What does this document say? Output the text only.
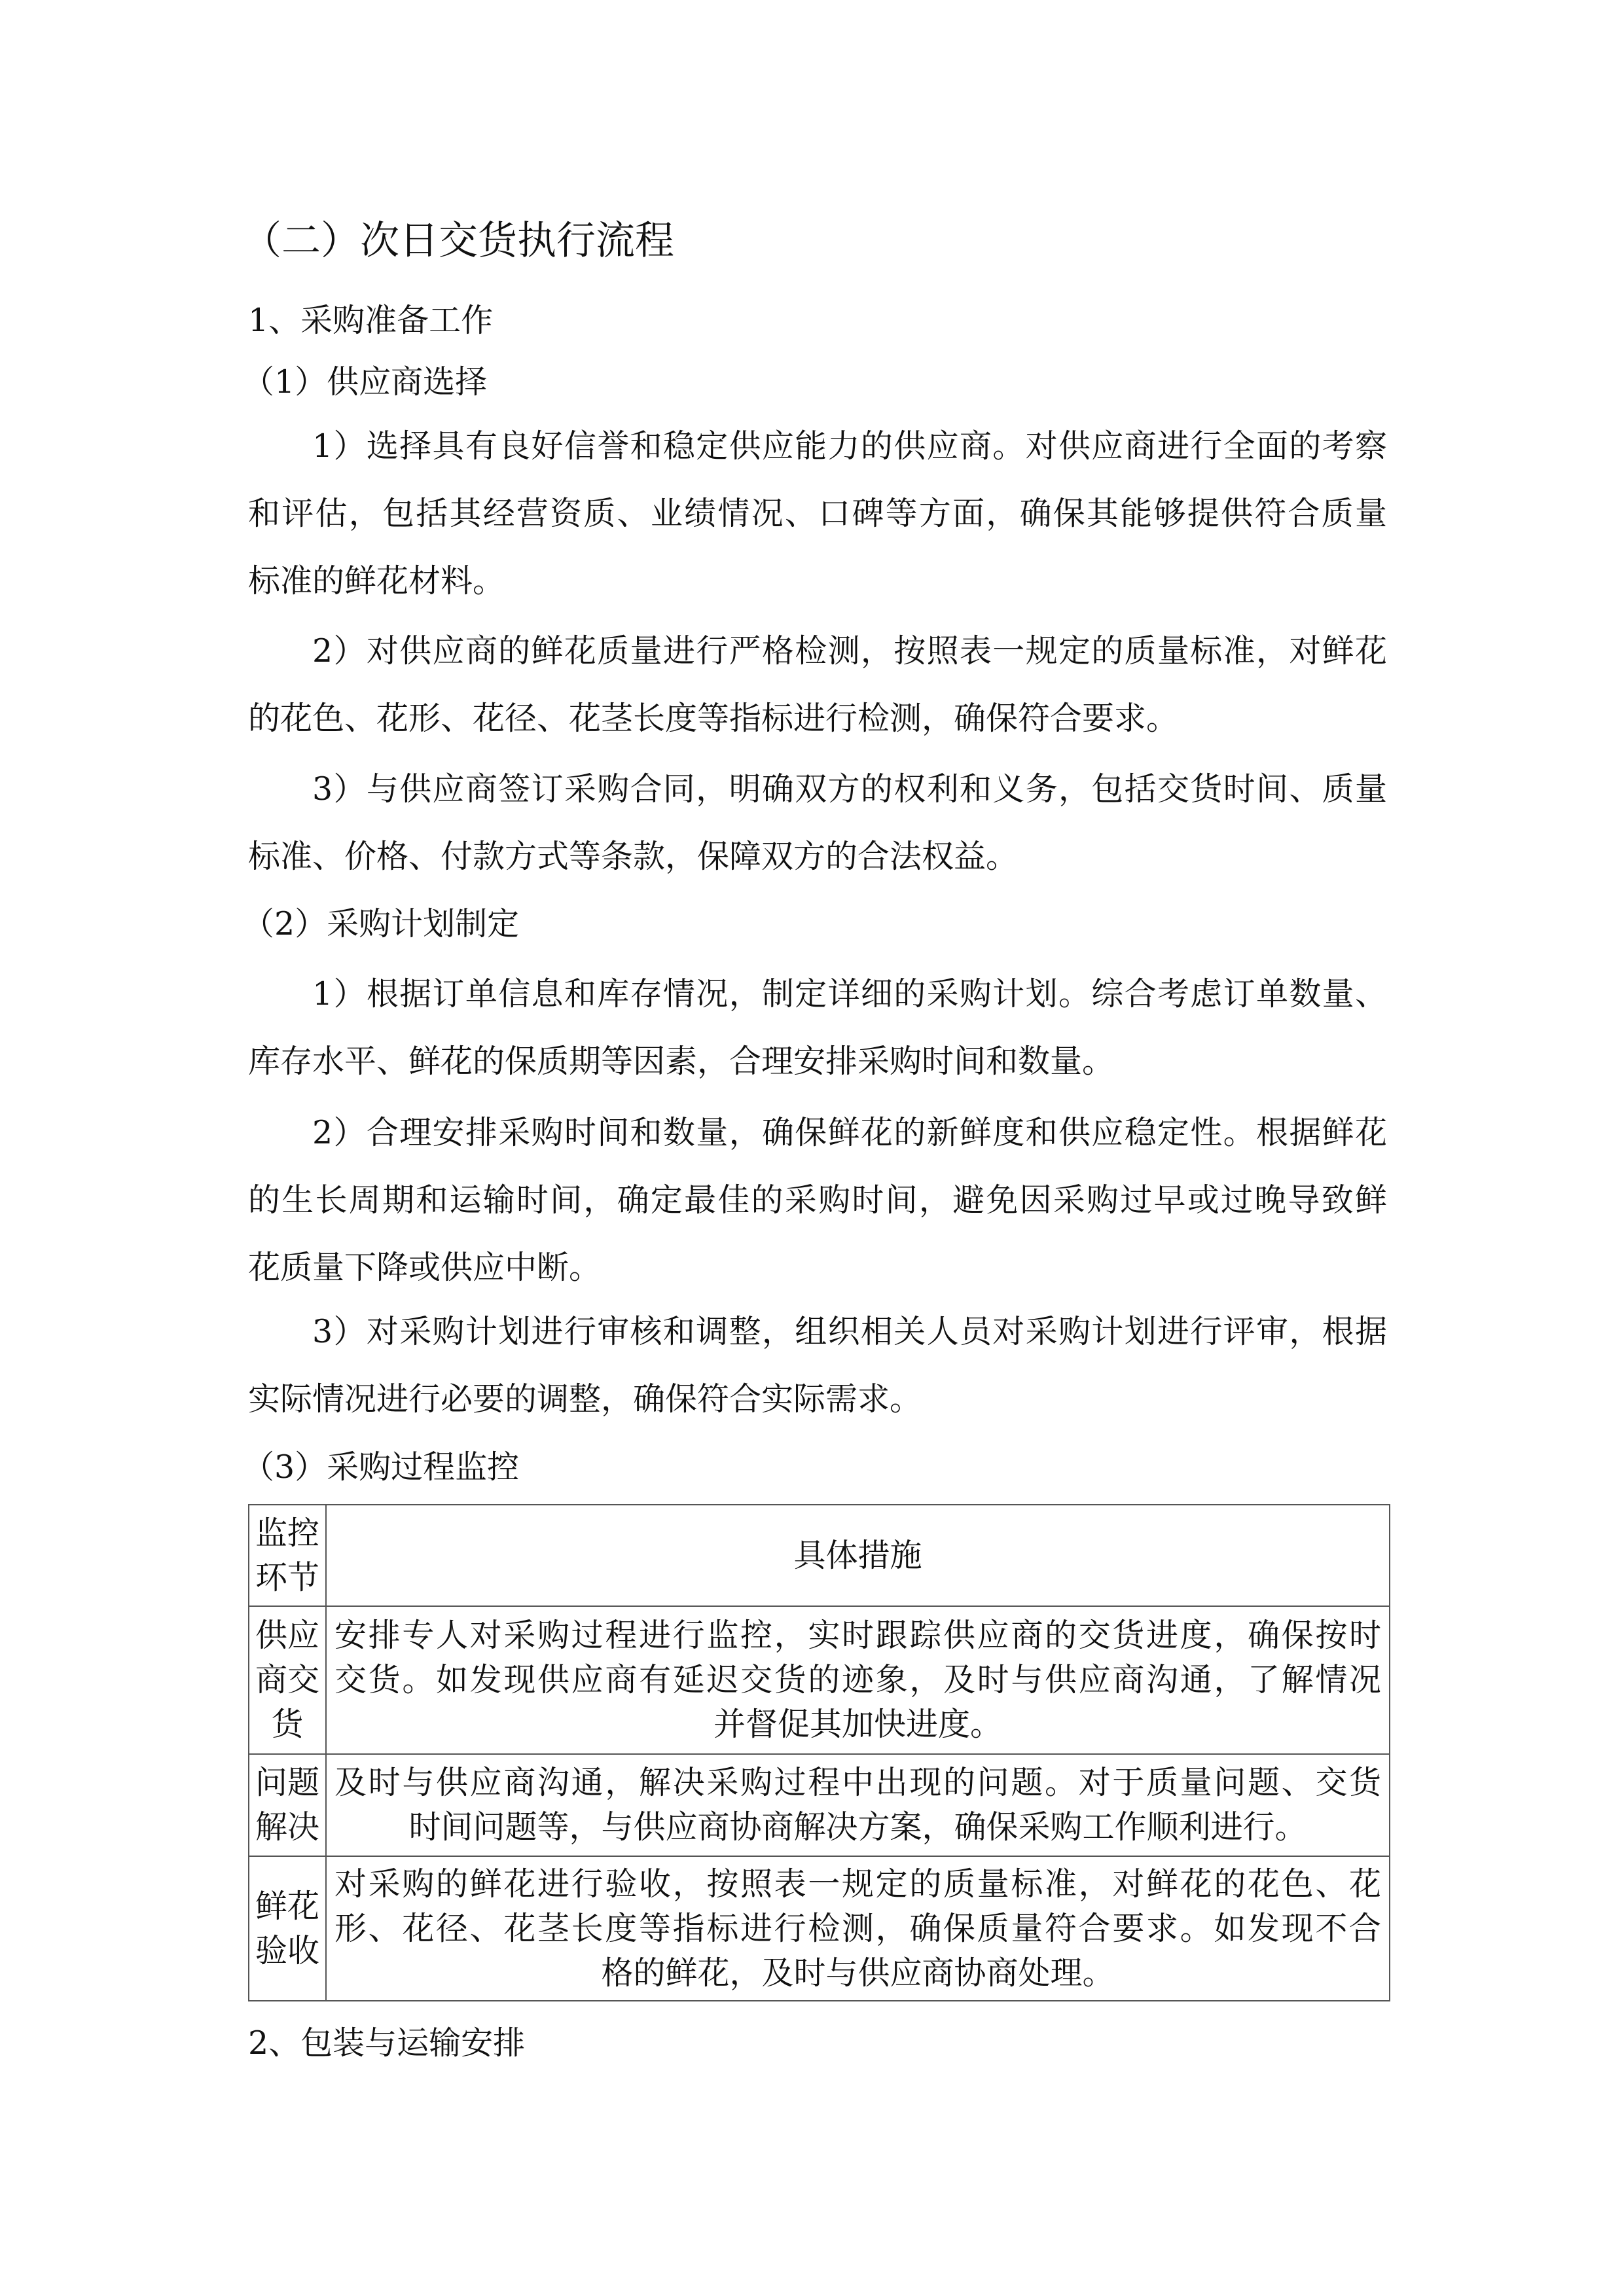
（二）次日交货执行流程
1、采购准备工作
（1）供应商选择
1）选择具有良好信誉和稳定供应能力的供应商。对供应商进行全面的考察
和评估，包括其经营资质、业绩情况、口碑等方面，确保其能够提供符合质量
标准的鲜花材料。
2）对供应商的鲜花质量进行严格检测，按照表一规定的质量标准，对鲜花
的花色、花形、花径、花茎长度等指标进行检测，确保符合要求。
3）与供应商签订采购合同，明确双方的权利和义务，包括交货时间、质量
标准、价格、付款方式等条款，保障双方的合法权益。
（2）采购计划制定
1）根据订单信息和库存情况，制定详细的采购计划。综合考虑订单数量、
库存水平、鲜花的保质期等因素，合理安排采购时间和数量。
2）合理安排采购时间和数量，确保鲜花的新鲜度和供应稳定性。根据鲜花
的生长周期和运输时间，确定最佳的采购时间，避免因采购过早或过晚导致鲜
花质量下降或供应中断。
3）对采购计划进行审核和调整，组织相关人员对采购计划进行评审，根据
实际情况进行必要的调整，确保符合实际需求。
（3）采购过程监控
监控
环节	具体措施

供应
商交
货	安排专人对采购过程进行监控，实时跟踪供应商的交货进度，确保按时
交货。如发现供应商有延迟交货的迹象，及时与供应商沟通，了解情况
并督促其加快进度。

问题
解决	及时与供应商沟通，解决采购过程中出现的问题。对于质量问题、交货
时间问题等，与供应商协商解决方案，确保采购工作顺利进行。

鲜花
验收	对采购的鲜花进行验收，按照表一规定的质量标准，对鲜花的花色、花
形、花径、花茎长度等指标进行检测，确保质量符合要求。如发现不合
格的鲜花，及时与供应商协商处理。
2、包装与运输安排
